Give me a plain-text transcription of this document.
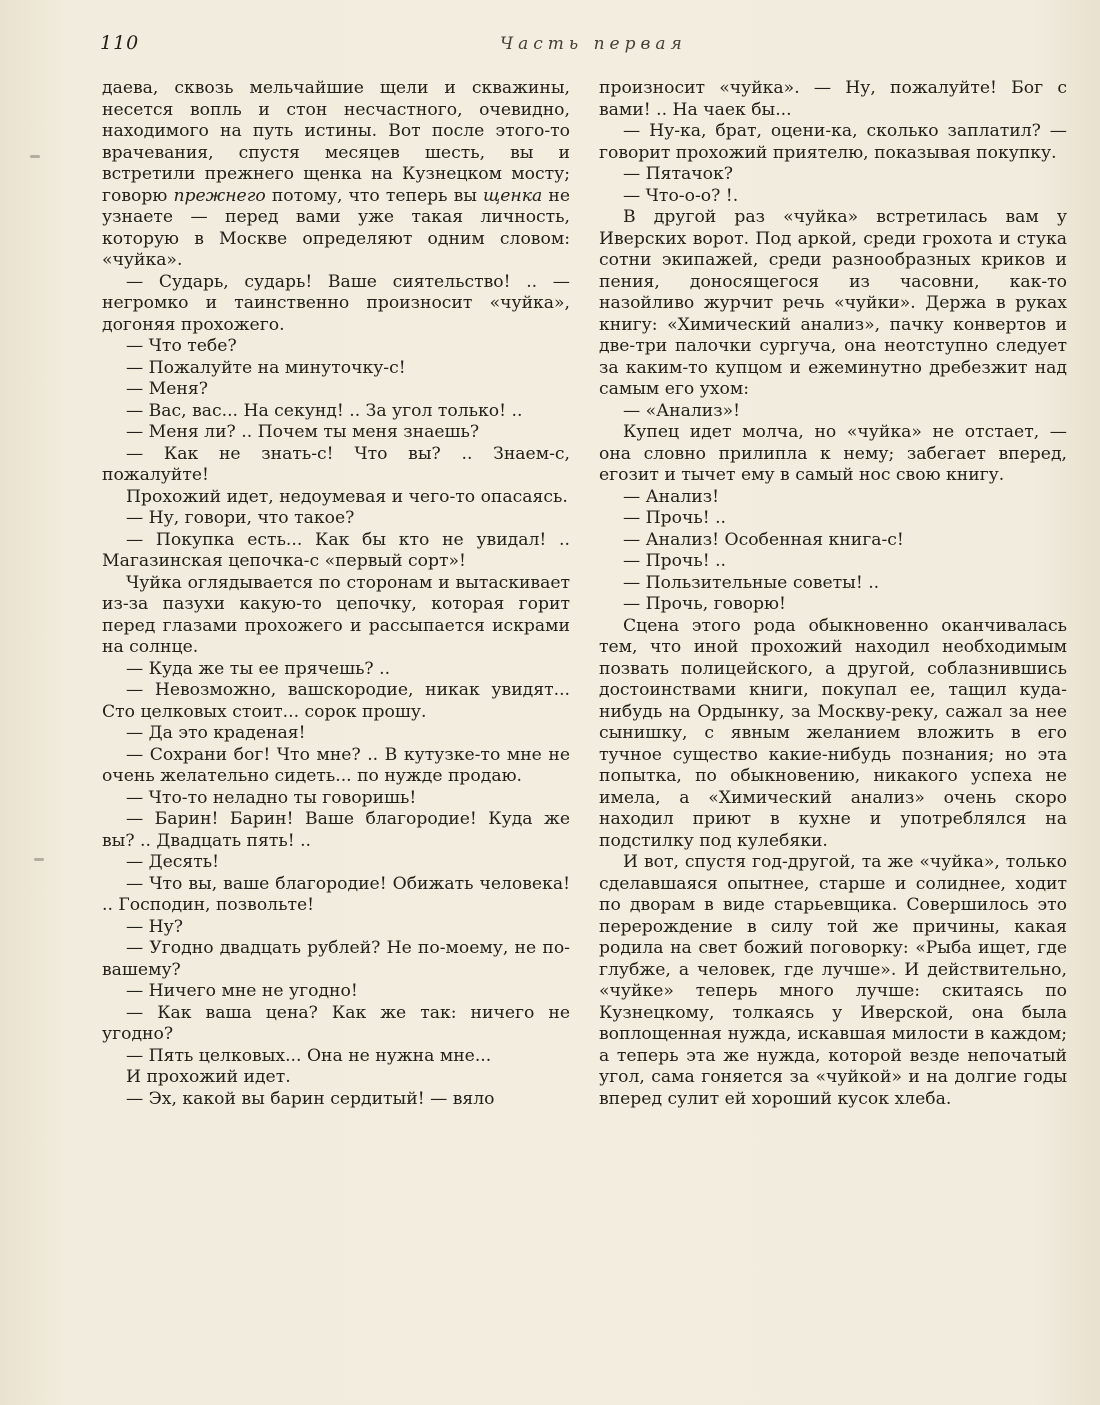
110	Часть первая

даева, сквозь мельчайшие щели и скважины, несется вопль и стон несчастного, очевидно, находимого на путь истины. Вот после этого-то врачевания, спустя месяцев шесть, вы и встретили прежнего щенка на Кузнецком мосту; говорю прежнего потому, что теперь вы щенка не узнаете — перед вами уже такая личность, которую в Москве определяют одним словом: «чуйка».

— Сударь, сударь! Ваше сиятельство! .. — негромко и таинственно произносит «чуйка», догоняя прохожего.

— Что тебе?

— Пожалуйте на минуточку-с!

— Меня?

— Вас, вас... На секунд! .. За угол только! ..

— Меня ли? .. Почем ты меня знаешь?

— Как не знать-с! Что вы? .. Знаем-с, пожалуйте!

Прохожий идет, недоумевая и чего-то опасаясь.

— Ну, говори, что такое?

— Покупка есть... Как бы кто не увидал! .. Магазинская цепочка-с «первый сорт»!

Чуйка оглядывается по сторонам и вытаскивает из-за пазухи какую-то цепочку, которая горит перед глазами прохожего и рассыпается искрами на солнце.

— Куда же ты ее прячешь? ..

— Невозможно, вашскородие, никак увидят... Сто целковых стоит... сорок прошу.

— Да это краденая!

— Сохрани бог! Что мне? .. В кутузке-то мне не очень желательно сидеть... по нужде продаю.

— Что-то неладно ты говоришь!

— Барин! Барин! Ваше благородие! Куда же вы? .. Двадцать пять! ..

— Десять!

— Что вы, ваше благородие! Обижать человека! .. Господин, позвольте!

— Ну?

— Угодно двадцать рублей? Не по-моему, не по-вашему?

— Ничего мне не угодно!

— Как ваша цена? Как же так: ничего не угодно?

— Пять целковых... Она не нужна мне...

И прохожий идет.

— Эх, какой вы барин сердитый! — вяло

произносит «чуйка». — Ну, пожалуйте! Бог с вами! .. На чаек бы...

— Ну-ка, брат, оцени-ка, сколько заплатил? — говорит прохожий приятелю, показывая покупку.

— Пятачок?

— Что-о-о? !.

В другой раз «чуйка» встретилась вам у Иверских ворот. Под аркой, среди грохота и стука сотни экипажей, среди разнообразных криков и пения, доносящегося из часовни, как-то назойливо журчит речь «чуйки». Держа в руках книгу: «Химический анализ», пачку конвертов и две-три палочки сургуча, она неотступно следует за каким-то купцом и ежеминутно дребезжит над самым его ухом:

— «Анализ»!

Купец идет молча, но «чуйка» не отстает, — она словно прилипла к нему; забегает вперед, егозит и тычет ему в самый нос свою книгу.

— Анализ!

— Прочь! ..

— Анализ! Особенная книга-с!

— Прочь! ..

— Пользительные советы! ..

— Прочь, говорю!

Сцена этого рода обыкновенно оканчивалась тем, что иной прохожий находил необходимым позвать полицейского, а другой, соблазнившись достоинствами книги, покупал ее, тащил куда-нибудь на Ордынку, за Москву-реку, сажал за нее сынишку, с явным желанием вложить в его тучное существо какие-нибудь познания; но эта попытка, по обыкновению, никакого успеха не имела, а «Химический анализ» очень скоро находил приют в кухне и употреблялся на подстилку под кулебяки.

И вот, спустя год-другой, та же «чуйка», только сделавшаяся опытнее, старше и солиднее, ходит по дворам в виде старьевщика. Совершилось это перерождение в силу той же причины, какая родила на свет божий поговорку: «Рыба ищет, где глубже, а человек, где лучше». И действительно, «чуйке» теперь много лучше: скитаясь по Кузнецкому, толкаясь у Иверской, она была воплощенная нужда, искавшая милости в каждом; а теперь эта же нужда, которой везде непочатый угол, сама гоняется за «чуйкой» и на долгие годы вперед сулит ей хороший кусок хлеба.
